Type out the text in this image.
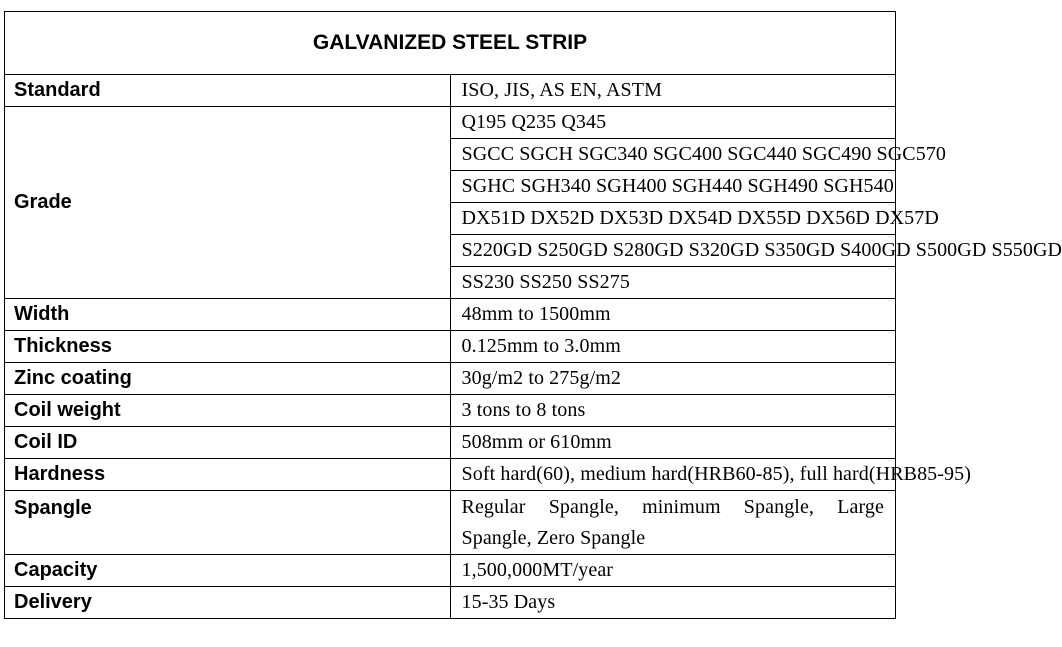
GALVANIZED STEEL STRIP	
Standard	ISO, JIS, AS EN, ASTM
Grade	Q195 Q235 Q345
	SGCC SGCH SGC340 SGC400 SGC440 SGC490 SGC570
	SGHC SGH340 SGH400 SGH440 SGH490 SGH540
	DX51D DX52D DX53D DX54D DX55D DX56D DX57D
	S220GD S250GD S280GD S320GD S350GD S400GD S500GD S550GD
	SS230 SS250 SS275
Width	48mm to 1500mm
Thickness	0.125mm to 3.0mm
Zinc coating	30g/m2 to 275g/m2
Coil weight	3 tons to 8 tons
Coil ID	508mm or 610mm
Hardness	Soft hard(60), medium hard(HRB60-85), full hard(HRB85-95)
Spangle	Regular Spangle, minimum Spangle, Large Spangle, Zero Spangle
Capacity	1,500,000MT/year
Delivery	15-35 Days
